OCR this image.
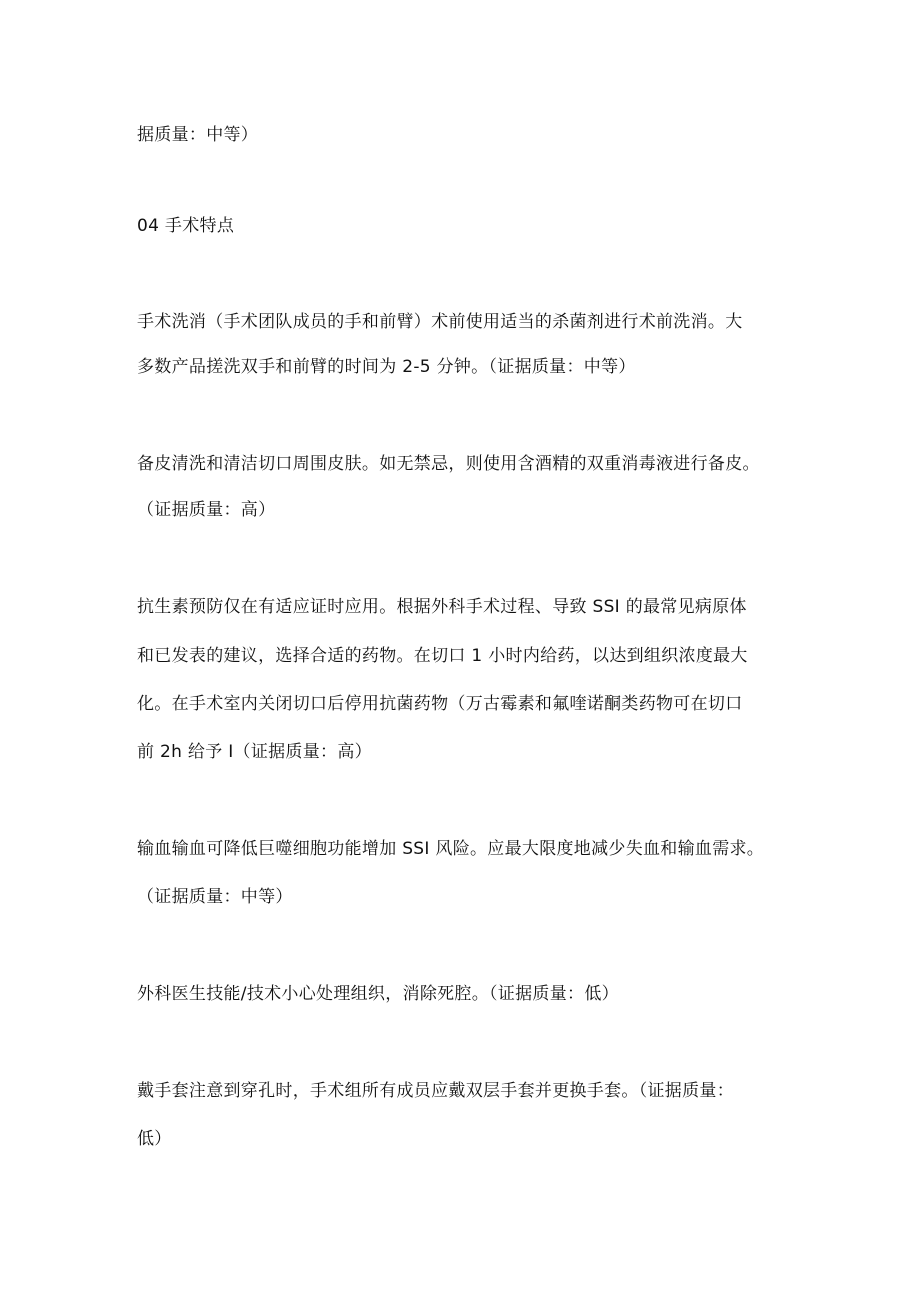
据质量：中等）
04 手术特点
手术洗消（手术团队成员的手和前臂）术前使用适当的杀菌剂进行术前洗消。大
多数产品搓洗双手和前臂的时间为 2-5 分钟。（证据质量：中等）
备皮清洗和清洁切口周围皮肤。如无禁忌，则使用含酒精的双重消毒液进行备皮。
（证据质量：高）
抗生素预防仅在有适应证时应用。根据外科手术过程、导致 SSI 的最常见病原体
和已发表的建议，选择合适的药物。在切口 1 小时内给药，以达到组织浓度最大
化。在手术室内关闭切口后停用抗菌药物（万古霉素和氟喹诺酮类药物可在切口
前 2h 给予 I（证据质量：高）
输血输血可降低巨噬细胞功能增加 SSI 风险。应最大限度地减少失血和输血需求。
（证据质量：中等）
外科医生技能/技术小心处理组织，消除死腔。（证据质量：低）
戴手套注意到穿孔时，手术组所有成员应戴双层手套并更换手套。（证据质量：
低）
